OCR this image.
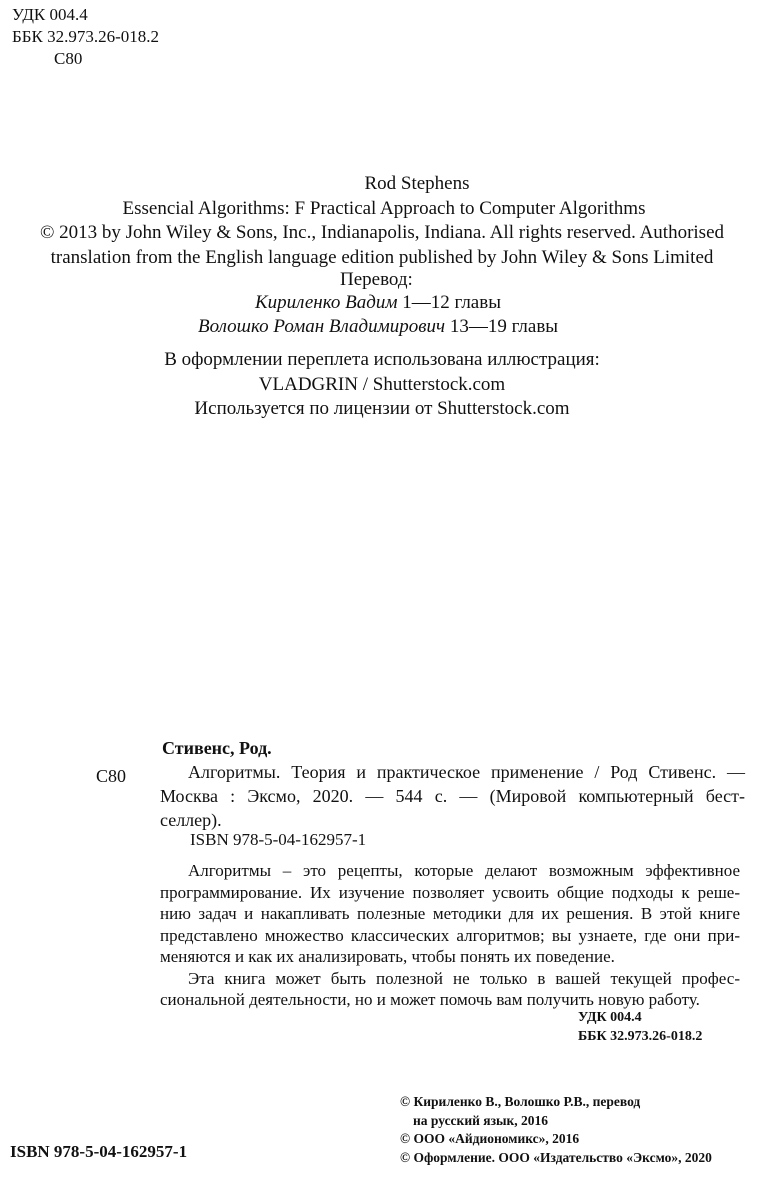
УДК 004.4
ББК 32.973.26-018.2
С80
Rod Stephens
Essencial Algorithms: F Practical Approach to Computer Algorithms
© 2013 by John Wiley & Sons, Inc., Indianapolis, Indiana. All rights reserved. Authorised
translation from the English language edition published by John Wiley & Sons Limited
Перевод:
Кириленко Вадим 1—12 главы
Волошко Роман Владимирович 13—19 главы
В оформлении переплета использована иллюстрация:
VLADGRIN / Shutterstock.com
Используется по лицензии от Shutterstock.com
Стивенс, Род.
С80	Алгоритмы. Теория и практическое применение / Род Стивенс. —
Москва : Эксмо, 2020. — 544 с. — (Мировой компьютерный бест-
селлер).
ISBN 978-5-04-162957-1
Алгоритмы – это рецепты, которые делают возможным эффективное
программирование. Их изучение позволяет усвоить общие подходы к реше-
нию задач и накапливать полезные методики для их решения. В этой книге
представлено множество классических алгоритмов; вы узнаете, где они при-
меняются и как их анализировать, чтобы понять их поведение.
Эта книга может быть полезной не только в вашей текущей профес-
сиональной деятельности, но и может помочь вам получить новую работу.
УДК 004.4
ББК 32.973.26-018.2
ISBN 978-5-04-162957-1
© Кириленко В., Волошко Р.В., перевод
на русский язык, 2016
© ООО «Айдиономикс», 2016
© Оформление. ООО «Издательство «Эксмо», 2020
